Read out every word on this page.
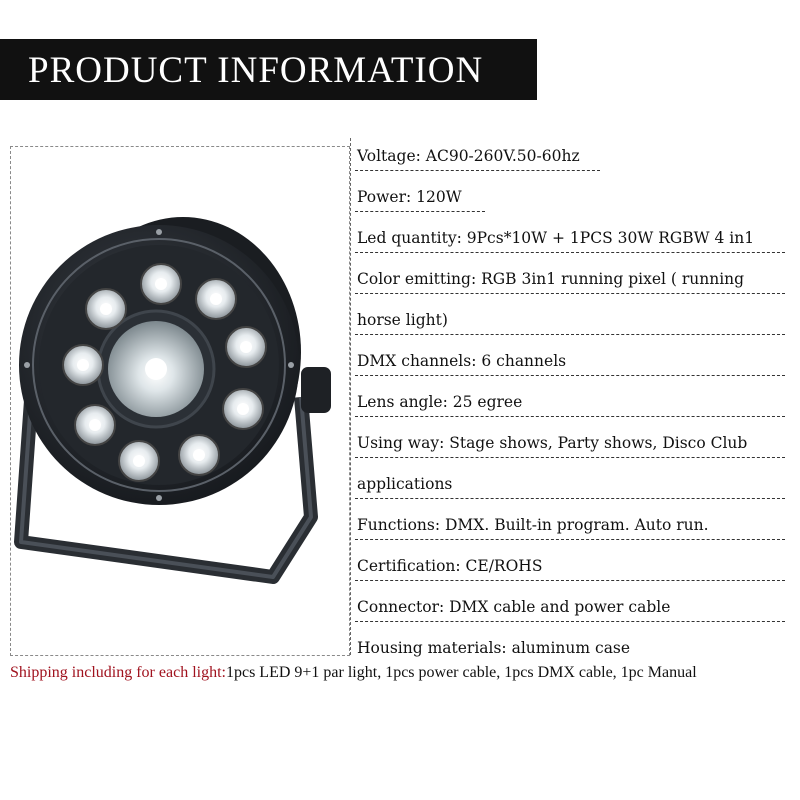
PRODUCT INFORMATION
Voltage: AC90-260V.50-60hz
Power: 120W
Led quantity: 9Pcs*10W + 1PCS 30W RGBW 4 in1
Color emitting: RGB 3in1 running pixel ( running
horse light)
DMX channels: 6 channels
Lens angle: 25 egree
Using way: Stage shows, Party shows, Disco Club
applications
Functions: DMX. Built-in program. Auto run.
Certification: CE/ROHS
Connector: DMX cable and power cable
Housing materials: aluminum case
Shipping including for each light:1pcs LED 9+1 par light, 1pcs power cable, 1pcs DMX cable, 1pc Manual
